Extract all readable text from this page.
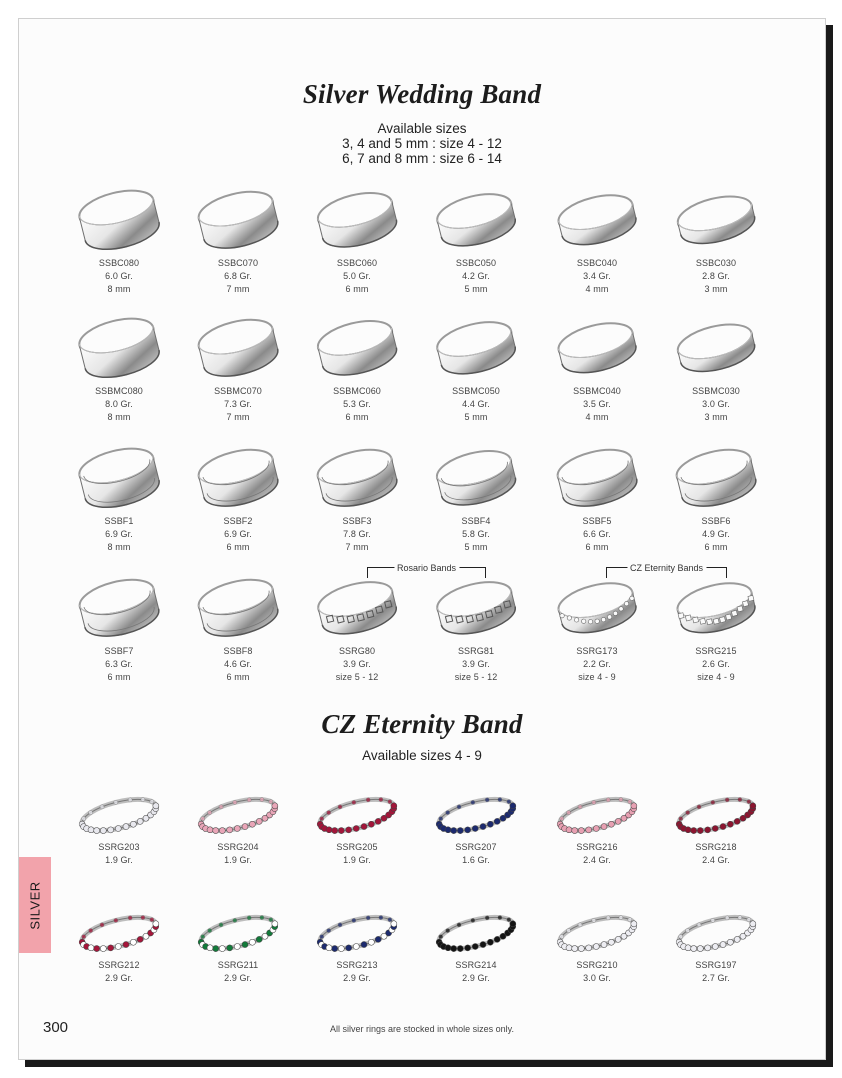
Silver Wedding Band
Available sizes
3, 4 and 5 mm : size 4 - 12
6, 7 and 8 mm : size 6 - 14
SSBC080
6.0 Gr.
8 mm
SSBC070
6.8 Gr.
7 mm
SSBC060
5.0 Gr.
6 mm
SSBC050
4.2 Gr.
5 mm
SSBC040
3.4 Gr.
4 mm
SSBC030
2.8 Gr.
3 mm
SSBMC080
8.0 Gr.
8 mm
SSBMC070
7.3 Gr.
7 mm
SSBMC060
5.3 Gr.
6 mm
SSBMC050
4.4 Gr.
5 mm
SSBMC040
3.5 Gr.
4 mm
SSBMC030
3.0 Gr.
3 mm
SSBF1
6.9 Gr.
8 mm
SSBF2
6.9 Gr.
6 mm
SSBF3
7.8 Gr.
7 mm
SSBF4
5.8 Gr.
5 mm
SSBF5
6.6 Gr.
6 mm
SSBF6
4.9 Gr.
6 mm
SSBF7
6.3 Gr.
6 mm
SSBF8
4.6 Gr.
6 mm
SSRG80
3.9 Gr.
size 5 - 12
SSRG81
3.9 Gr.
size 5 - 12
SSRG173
2.2 Gr.
size 4 - 9
SSRG215
2.6 Gr.
size 4 - 9
Rosario Bands	CZ Eternity Bands
CZ Eternity Band
Available sizes 4 - 9
SSRG203
1.9 Gr.
SSRG204
1.9 Gr.
SSRG205
1.9 Gr.
SSRG207
1.6 Gr.
SSRG216
2.4 Gr.
SSRG218
2.4 Gr.
SSRG212
2.9 Gr.
SSRG211
2.9 Gr.
SSRG213
2.9 Gr.
SSRG214
2.9 Gr.
SSRG210
3.0 Gr.
SSRG197
2.7 Gr.
SILVER
300	All silver rings are stocked in whole sizes only.
